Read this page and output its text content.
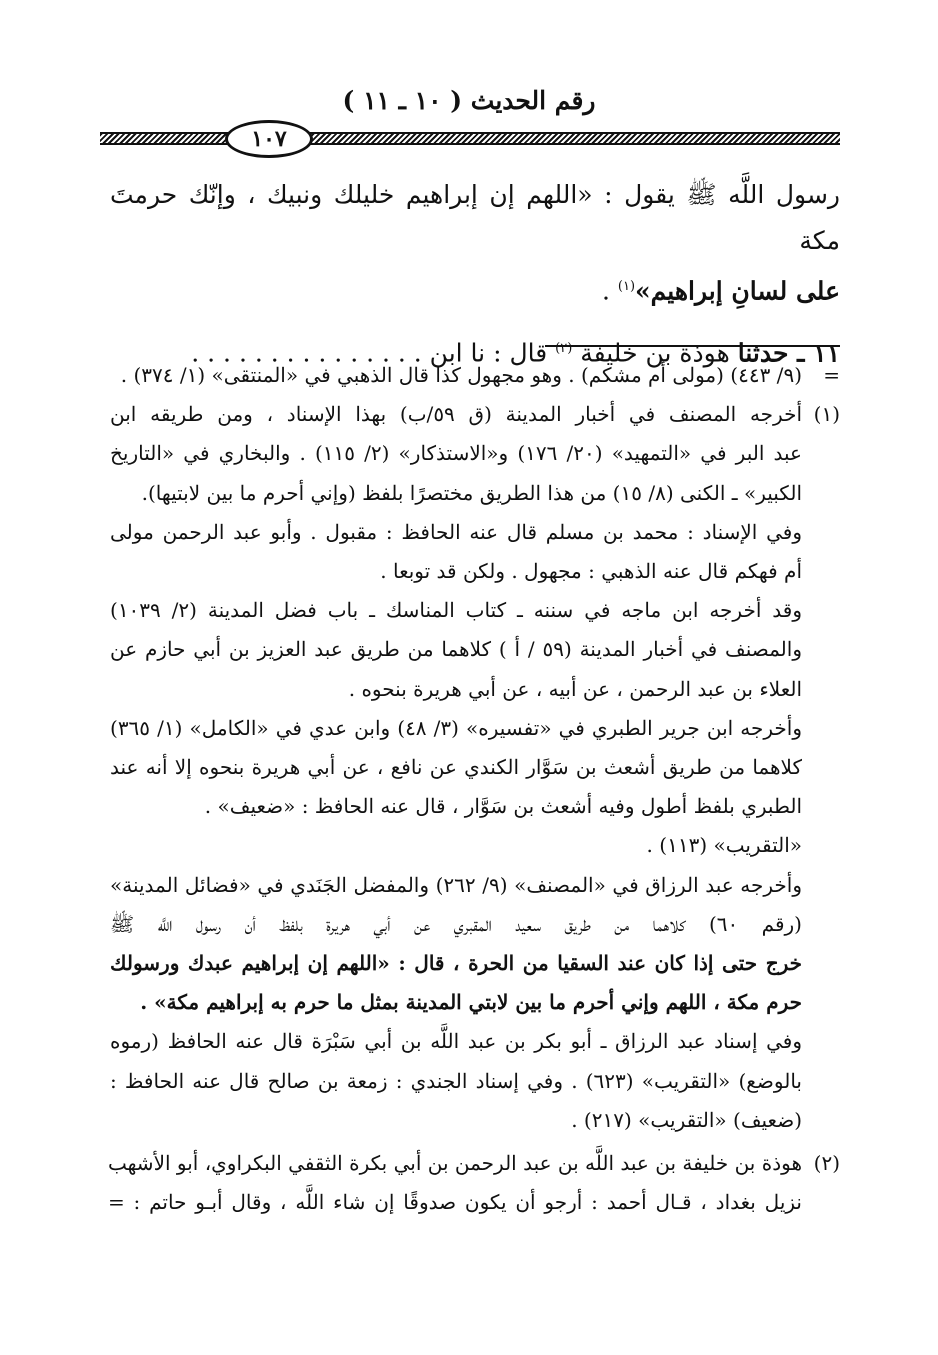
رقم الحديث ( ١٠ ـ ١١ )
١٠٧

رسول اللَّه ﷺ يقول : «اللهم إن إبراهيم خليلك ونبيك ، وإنّك حرمتَ مكة

على لسانِ إبراهيم»$^{(١)}$ .

١١ ـ حدثنا هوذة بن خليفة $^{(٢)}$ قال : نا ابن . . . . . . . . . . . . . . .

=
(٩/ ٤٤٣) (مولى أم مشكم) . وهو مجهول كذا قال الذهبي في «المنتقى» (١/ ٣٧٤) .
(١)
أخرجه المصنف في أخبار المدينة (ق ٥٩/ب) بهذا الإسناد ، ومن طريقه ابن
عبد البر في «التمهيد» (٢٠/ ١٧٦) و«الاستذكار» (٢/ ١١٥) . والبخاري في «التاريخ
الكبير» ـ الكنى (٨/ ١٥) من هذا الطريق مختصرًا بلفظ (وإني أحرم ما بين لابتيها).
وفي الإسناد : محمد بن مسلم قال عنه الحافظ : مقبول . وأبو عبد الرحمن مولى
أم فهكم قال عنه الذهبي : مجهول . ولكن قد توبعا .
وقد أخرجه ابن ماجه في سننه ـ كتاب المناسك ـ باب فضل المدينة (٢/ ١٠٣٩)
والمصنف في أخبار المدينة (٥٩ / أ ) كلاهما من طريق عبد العزيز بن أبي حازم عن
العلاء بن عبد الرحمن ، عن أبيه ، عن أبي هريرة بنحوه .
وأخرجه ابن جرير الطبري في «تفسيره» (٣/ ٤٨) وابن عدي في «الكامل» (١/ ٣٦٥)
كلاهما من طريق أشعث بن سَوَّار الكندي عن نافع ، عن أبي هريرة بنحوه إلا أنه عند
الطبري بلفظ أطول وفيه أشعث بن سَوَّار ، قال عنه الحافظ : «ضعيف» .
«التقريب» (١١٣) .
وأخرجه عبد الرزاق في «المصنف» (٩/ ٢٦٢) والمفضل الجَنَدي في «فضائل المدينة»
(رقم ٦٠) كلاهما من طريق سعيد المقبري عن أبي هريرة بلفظ أن رسول اللَّه ﷺ
خرج حتى إذا كان عند السقيا من الحرة ، قال : «اللهم إن إبراهيم عبدك ورسولك
حرم مكة ، اللهم وإني أحرم ما بين لابتي المدينة بمثل ما حرم به إبراهيم مكة» .
وفي إسناد عبد الرزاق ـ أبو بكر بن عبد اللَّه بن أبي سَبْرَة قال عنه الحافظ (رموه
بالوضع) «التقريب» (٦٢٣) . وفي إسناد الجندي : زمعة بن صالح قال عنه الحافظ :
(ضعيف) «التقريب» (٢١٧) .
(٢)
هوذة بن خليفة بن عبد اللَّه بن عبد الرحمن بن أبي بكرة الثقفي البكراوي، أبو الأشهب
نزيل بغداد ، قـال أحمد : أرجو أن يكون صدوقًا إن شاء اللَّه ، وقال أبـو حاتم : =
